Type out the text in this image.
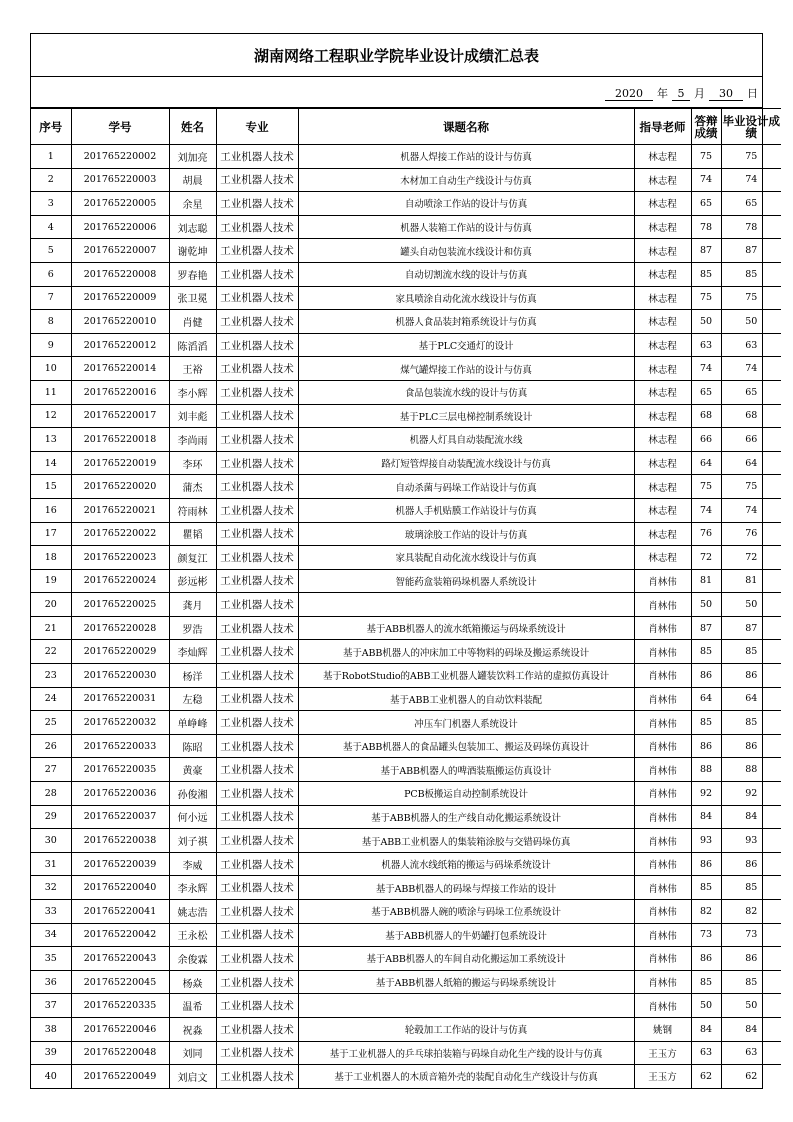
湖南网络工程职业学院毕业设计成绩汇总表
2020	年 5 月	30	日
序号	学号	姓名	专业	课题名称	指导老师	答辩成绩	毕业设计成绩
1	201765220002	刘加亮	工业机器人技术	机器人焊接工作站的设计与仿真	林志程	75	75
2	201765220003	胡晨	工业机器人技术	木材加工自动生产线设计与仿真	林志程	74	74
3	201765220005	余星	工业机器人技术	自动喷涂工作站的设计与仿真	林志程	65	65
4	201765220006	刘志聪	工业机器人技术	机器人装箱工作站的设计与仿真	林志程	78	78
5	201765220007	谢乾坤	工业机器人技术	罐头自动包装流水线设计和仿真	林志程	87	87
6	201765220008	罗春艳	工业机器人技术	自动切割流水线的设计与仿真	林志程	85	85
7	201765220009	张卫冕	工业机器人技术	家具喷涂自动化流水线设计与仿真	林志程	75	75
8	201765220010	肖健	工业机器人技术	机器人食品装封箱系统设计与仿真	林志程	50	50
9	201765220012	陈滔滔	工业机器人技术	基于PLC交通灯的设计	林志程	63	63
10	201765220014	王裕	工业机器人技术	煤气罐焊接工作站的设计与仿真	林志程	74	74
11	201765220016	李小辉	工业机器人技术	食品包装流水线的设计与仿真	林志程	65	65
12	201765220017	刘丰彪	工业机器人技术	基于PLC三层电梯控制系统设计	林志程	68	68
13	201765220018	李尚雨	工业机器人技术	机器人灯具自动装配流水线	林志程	66	66
14	201765220019	李环	工业机器人技术	路灯短管焊接自动装配流水线设计与仿真	林志程	64	64
15	201765220020	蒲杰	工业机器人技术	自动杀菌与码垛工作站设计与仿真	林志程	75	75
16	201765220021	符雨林	工业机器人技术	机器人手机贴膜工作站设计与仿真	林志程	74	74
17	201765220022	瞿韬	工业机器人技术	玻璃涂胶工作站的设计与仿真	林志程	76	76
18	201765220023	颜复江	工业机器人技术	家具装配自动化流水线设计与仿真	林志程	72	72
19	201765220024	彭远彬	工业机器人技术	智能药盒装箱码垛机器人系统设计	肖林伟	81	81
20	201765220025	龚月	工业机器人技术		肖林伟	50	50
21	201765220028	罗浩	工业机器人技术	基于ABB机器人的流水纸箱搬运与码垛系统设计	肖林伟	87	87
22	201765220029	李灿辉	工业机器人技术	基于ABB机器人的冲床加工中等物料的码垛及搬运系统设计	肖林伟	85	85
23	201765220030	杨洋	工业机器人技术	基于RobotStudio的ABB工业机器人罐装饮料工作站的虚拟仿真设计	肖林伟	86	86
24	201765220031	左稳	工业机器人技术	基于ABB工业机器人的自动饮料装配	肖林伟	64	64
25	201765220032	单峥峰	工业机器人技术	冲压车门机器人系统设计	肖林伟	85	85
26	201765220033	陈昭	工业机器人技术	基于ABB机器人的食品罐头包装加工、搬运及码垛仿真设计	肖林伟	86	86
27	201765220035	黄豪	工业机器人技术	基于ABB机器人的啤酒装瓶搬运仿真设计	肖林伟	88	88
28	201765220036	孙俊湘	工业机器人技术	PCB板搬运自动控制系统设计	肖林伟	92	92
29	201765220037	何小远	工业机器人技术	基于ABB机器人的生产线自动化搬运系统设计	肖林伟	84	84
30	201765220038	刘子祺	工业机器人技术	基于ABB工业机器人的集装箱涂胶与交错码垛仿真	肖林伟	93	93
31	201765220039	李威	工业机器人技术	机器人流水线纸箱的搬运与码垛系统设计	肖林伟	86	86
32	201765220040	李永辉	工业机器人技术	基于ABB机器人的码垛与焊接工作站的设计	肖林伟	85	85
33	201765220041	姚志浩	工业机器人技术	基于ABB机器人碗的喷涂与码垛工位系统设计	肖林伟	82	82
34	201765220042	王永松	工业机器人技术	基于ABB机器人的牛奶罐打包系统设计	肖林伟	73	73
35	201765220043	余俊霖	工业机器人技术	基于ABB机器人的车间自动化搬运加工系统设计	肖林伟	86	86
36	201765220045	杨焱	工业机器人技术	基于ABB机器人纸箱的搬运与码垛系统设计	肖林伟	85	85
37	201765220335	温希	工业机器人技术		肖林伟	50	50
38	201765220046	祝淼	工业机器人技术	轮毂加工工作站的设计与仿真	姚钢	84	84
39	201765220048	刘同	工业机器人技术	基于工业机器人的乒乓球拍装箱与码垛自动化生产线的设计与仿真	王玉方	63	63
40	201765220049	刘启文	工业机器人技术	基于工业机器人的木质音箱外壳的装配自动化生产线设计与仿真	王玉方	62	62
